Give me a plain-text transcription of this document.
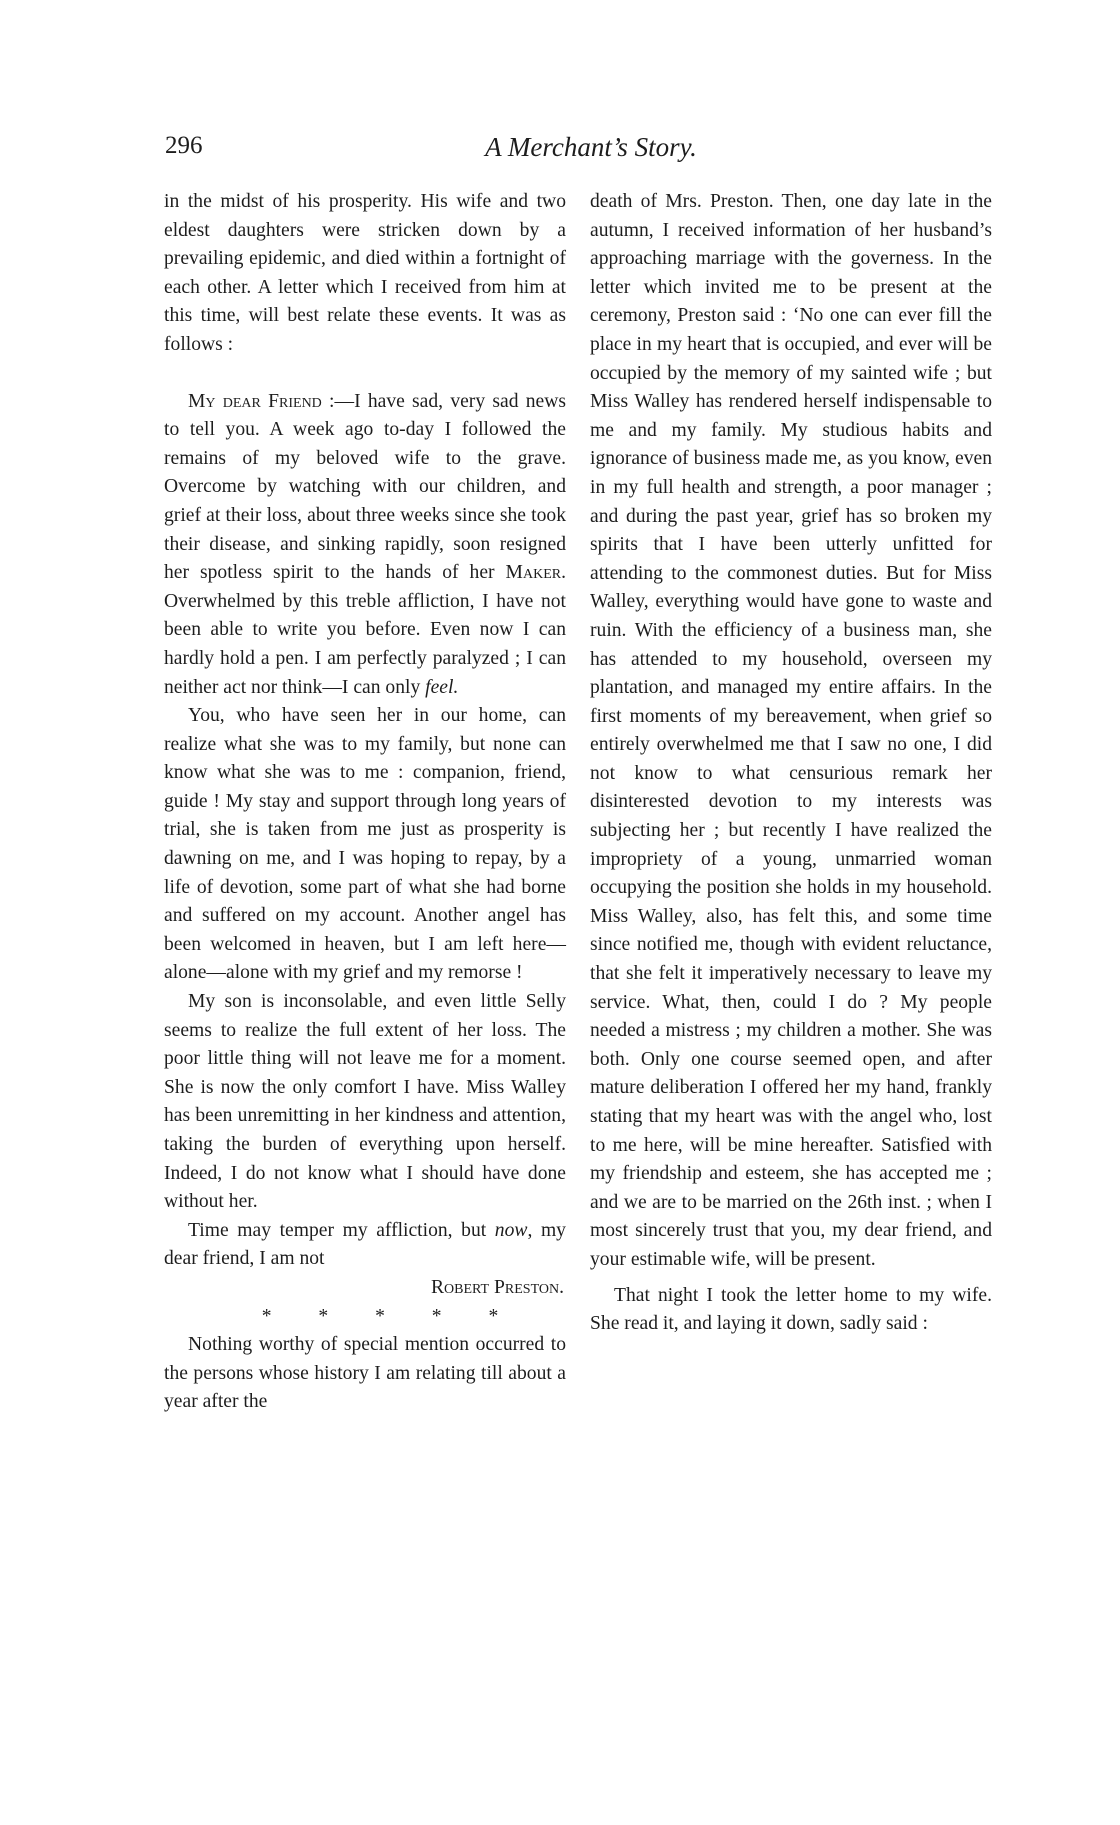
296	A Merchant’s Story.

in the midst of his prosperity. His wife and two eldest daughters were stricken down by a prevailing epidemic, and died within a fortnight of each other. A letter which I received from him at this time, will best relate these events. It was as follows :

My dear Friend :—I have sad, very sad news to tell you. A week ago to-day I followed the remains of my beloved wife to the grave. Overcome by watching with our children, and grief at their loss, about three weeks since she took their disease, and sinking rapidly, soon resigned her spotless spirit to the hands of her Maker. Overwhelmed by this treble affliction, I have not been able to write you before. Even now I can hardly hold a pen. I am perfectly paralyzed ; I can neither act nor think—I can only feel.

You, who have seen her in our home, can realize what she was to my family, but none can know what she was to me : companion, friend, guide ! My stay and support through long years of trial, she is taken from me just as prosperity is dawning on me, and I was hoping to repay, by a life of devotion, some part of what she had borne and suffered on my account. Another angel has been welcomed in heaven, but I am left here—alone—alone with my grief and my remorse !

My son is inconsolable, and even little Selly seems to realize the full extent of her loss. The poor little thing will not leave me for a moment. She is now the only comfort I have. Miss Walley has been unremitting in her kindness and attention, taking the burden of everything upon herself. Indeed, I do not know what I should have done without her.

Time may temper my affliction, but now, my dear friend, I am not

Robert Preston.

* * * * *

Nothing worthy of special mention occurred to the persons whose history I am relating till about a year after the

death of Mrs. Preston. Then, one day late in the autumn, I received information of her husband’s approaching marriage with the governess. In the letter which invited me to be present at the ceremony, Preston said : ‘No one can ever fill the place in my heart that is occupied, and ever will be occupied by the memory of my sainted wife ; but Miss Walley has rendered herself indispensable to me and my family. My studious habits and ignorance of business made me, as you know, even in my full health and strength, a poor manager ; and during the past year, grief has so broken my spirits that I have been utterly unfitted for attending to the commonest duties. But for Miss Walley, everything would have gone to waste and ruin. With the efficiency of a business man, she has attended to my household, overseen my plantation, and managed my entire affairs. In the first moments of my bereavement, when grief so entirely overwhelmed me that I saw no one, I did not know to what censurious remark her disinterested devotion to my interests was subjecting her ; but recently I have realized the impropriety of a young, unmarried woman occupying the position she holds in my household. Miss Walley, also, has felt this, and some time since notified me, though with evident reluctance, that she felt it imperatively necessary to leave my service. What, then, could I do ? My people needed a mistress ; my children a mother. She was both. Only one course seemed open, and after mature deliberation I offered her my hand, frankly stating that my heart was with the angel who, lost to me here, will be mine hereafter. Satisfied with my friendship and esteem, she has accepted me ; and we are to be married on the 26th inst. ; when I most sincerely trust that you, my dear friend, and your estimable wife, will be present.

That night I took the letter home to my wife. She read it, and laying it down, sadly said :
